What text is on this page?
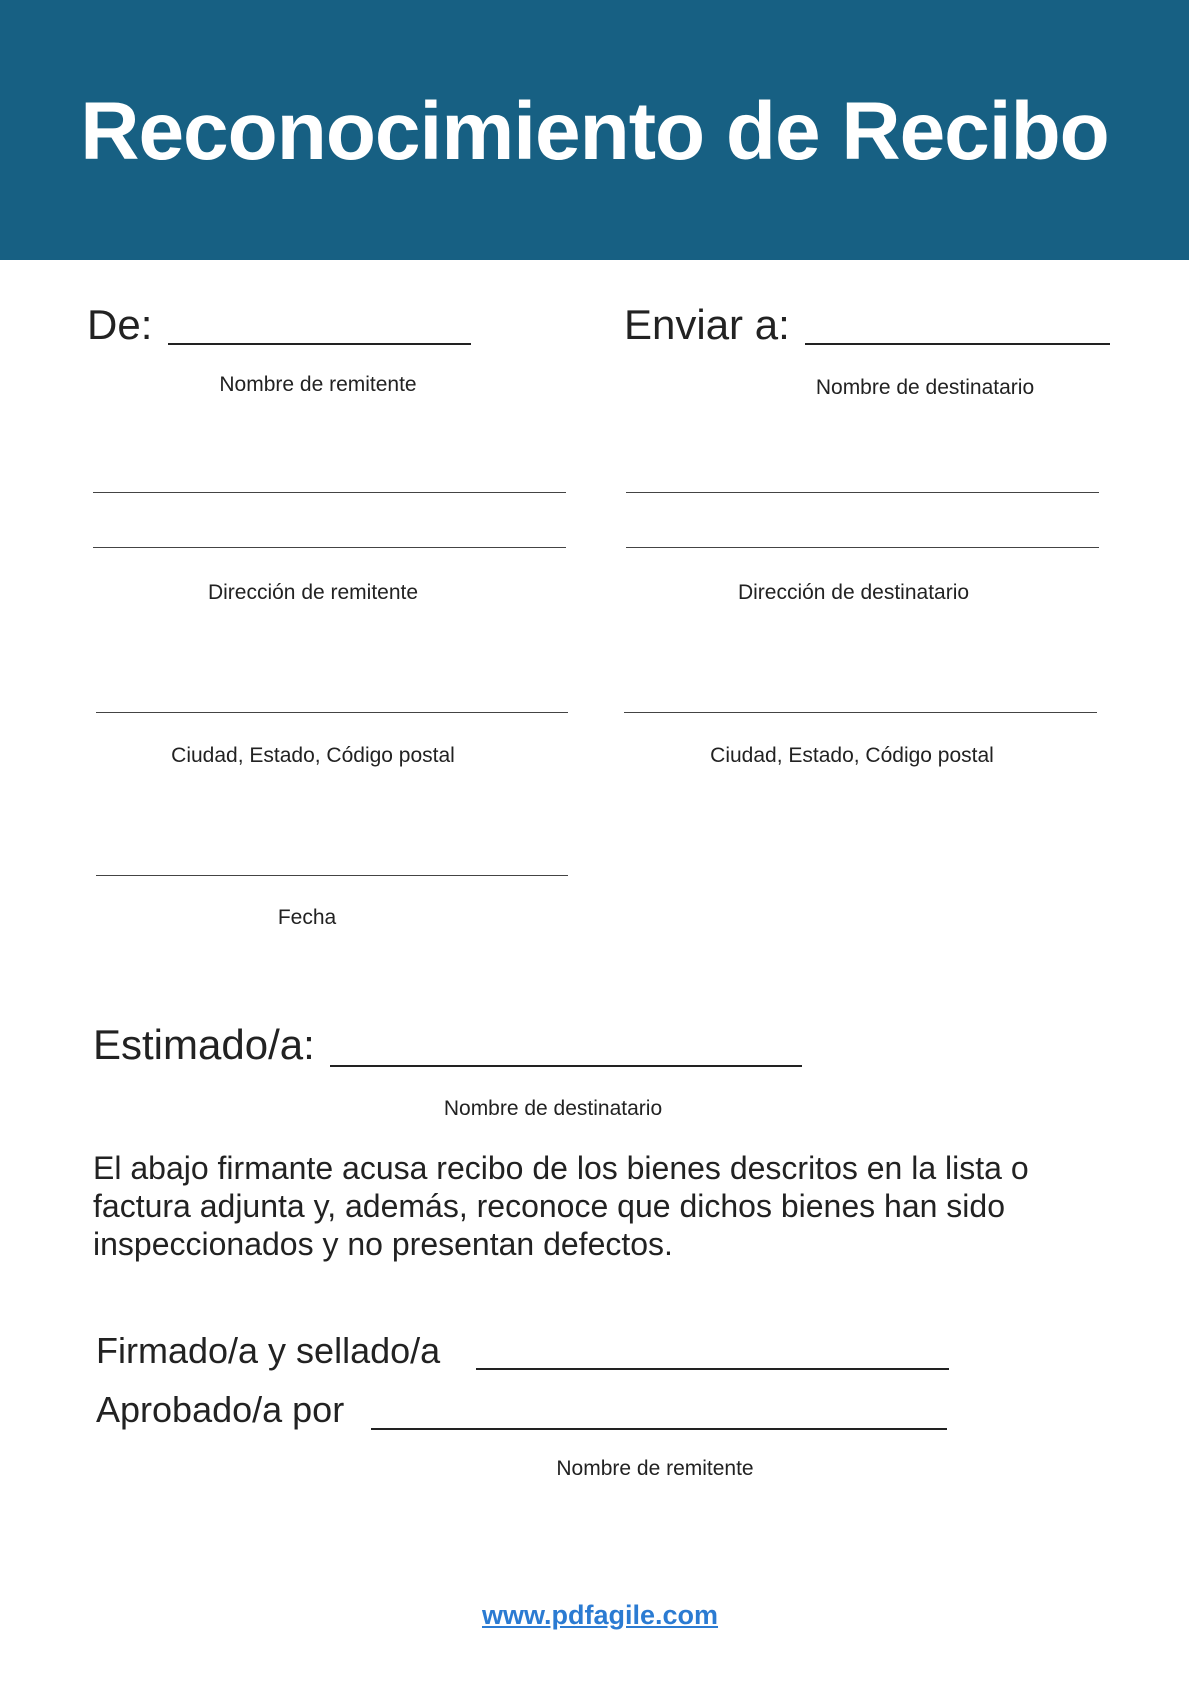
Reconocimiento de Recibo
De:
Nombre de remitente
Dirección de remitente
Ciudad, Estado, Código postal
Fecha
Enviar a:
Nombre de destinatario
Dirección de destinatario
Ciudad, Estado, Código postal
Estimado/a:
Nombre de destinatario
El abajo firmante acusa recibo de los bienes descritos en la lista o factura adjunta y, además, reconoce que dichos bienes han sido inspeccionados y no presentan defectos.
Firmado/a y sellado/a
Aprobado/a por
Nombre de remitente
www.pdfagile.com
